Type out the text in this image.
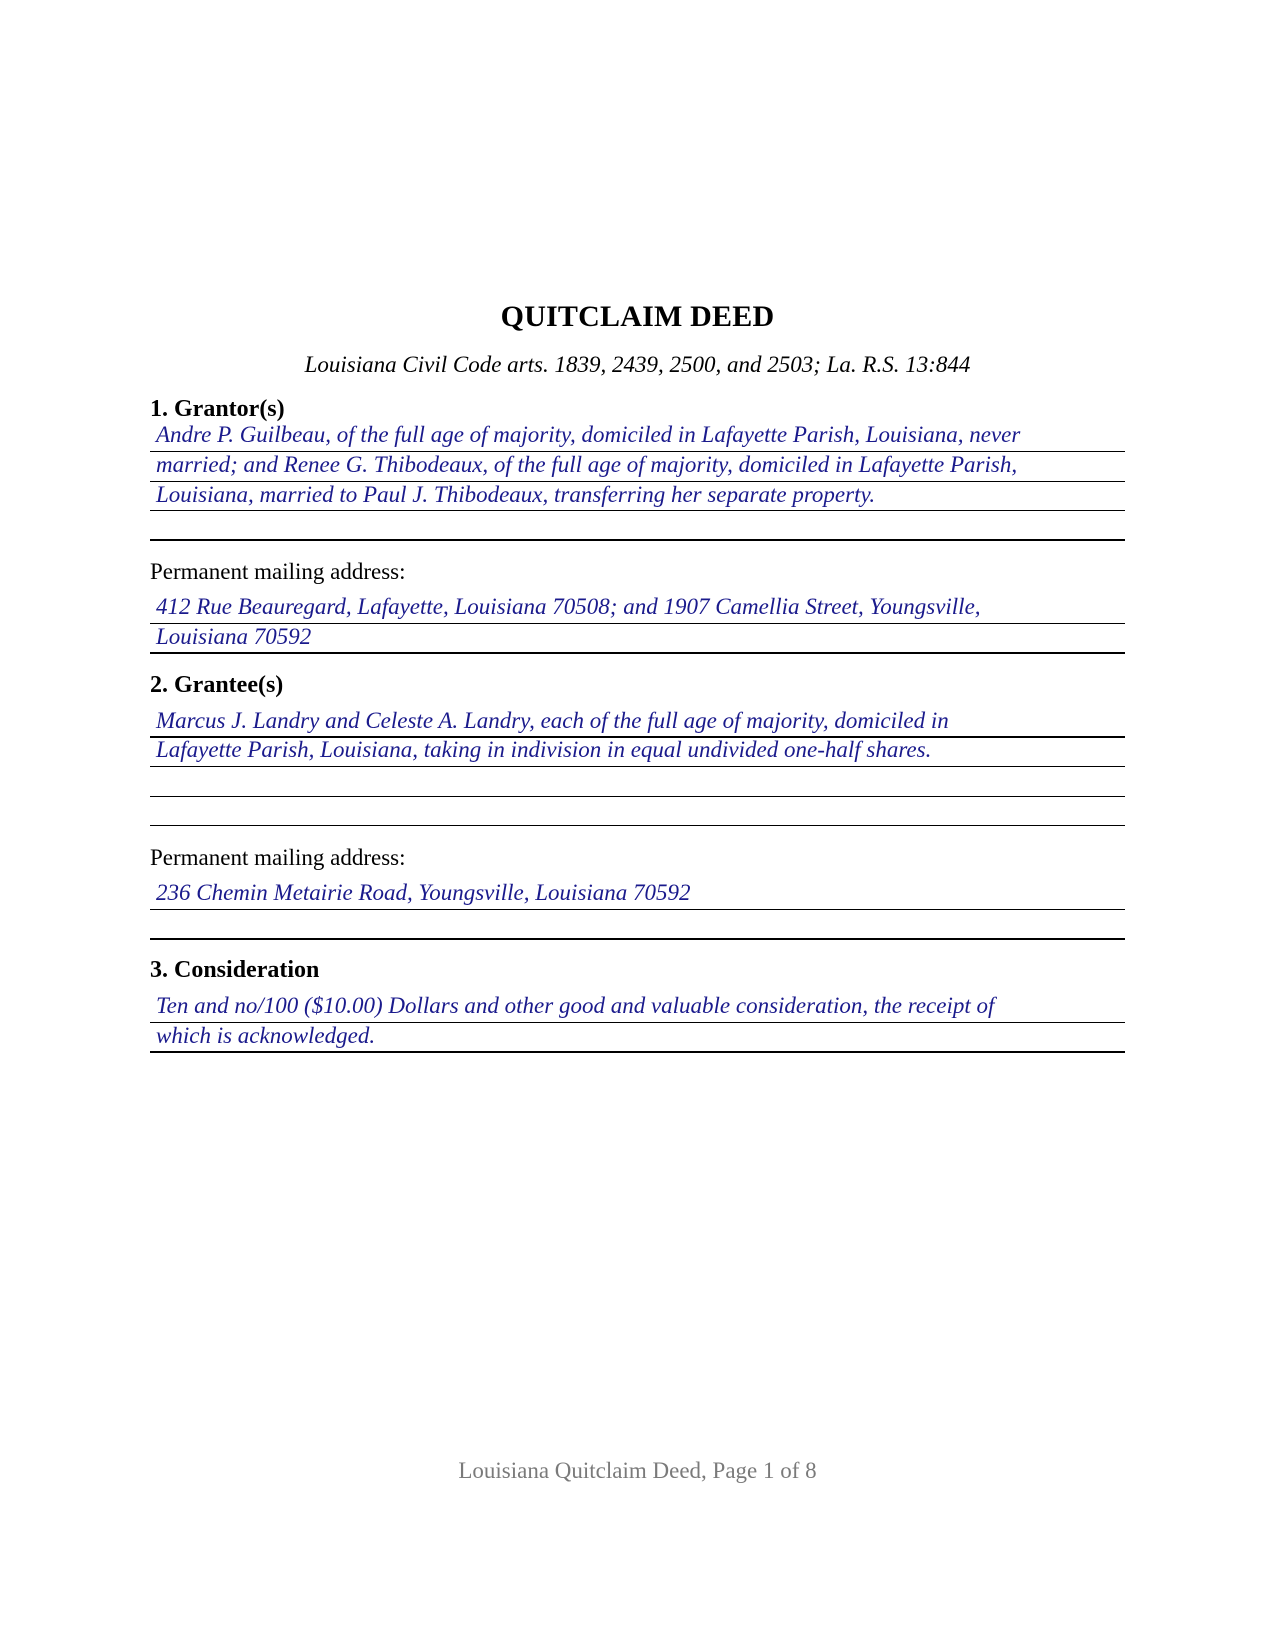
QUITCLAIM DEED
Louisiana Civil Code arts. 1839, 2439, 2500, and 2503; La. R.S. 13:844
1. Grantor(s)
Andre P. Guilbeau, of the full age of majority, domiciled in Lafayette Parish, Louisiana, never
married; and Renee G. Thibodeaux, of the full age of majority, domiciled in Lafayette Parish,
Louisiana, married to Paul J. Thibodeaux, transferring her separate property.
Permanent mailing address:
412 Rue Beauregard, Lafayette, Louisiana 70508; and 1907 Camellia Street, Youngsville,
Louisiana 70592
2. Grantee(s)
Marcus J. Landry and Celeste A. Landry, each of the full age of majority, domiciled in
Lafayette Parish, Louisiana, taking in indivision in equal undivided one-half shares.
Permanent mailing address:
236 Chemin Metairie Road, Youngsville, Louisiana 70592
3. Consideration
Ten and no/100 ($10.00) Dollars and other good and valuable consideration, the receipt of
which is acknowledged.
Louisiana Quitclaim Deed, Page 1 of 8
